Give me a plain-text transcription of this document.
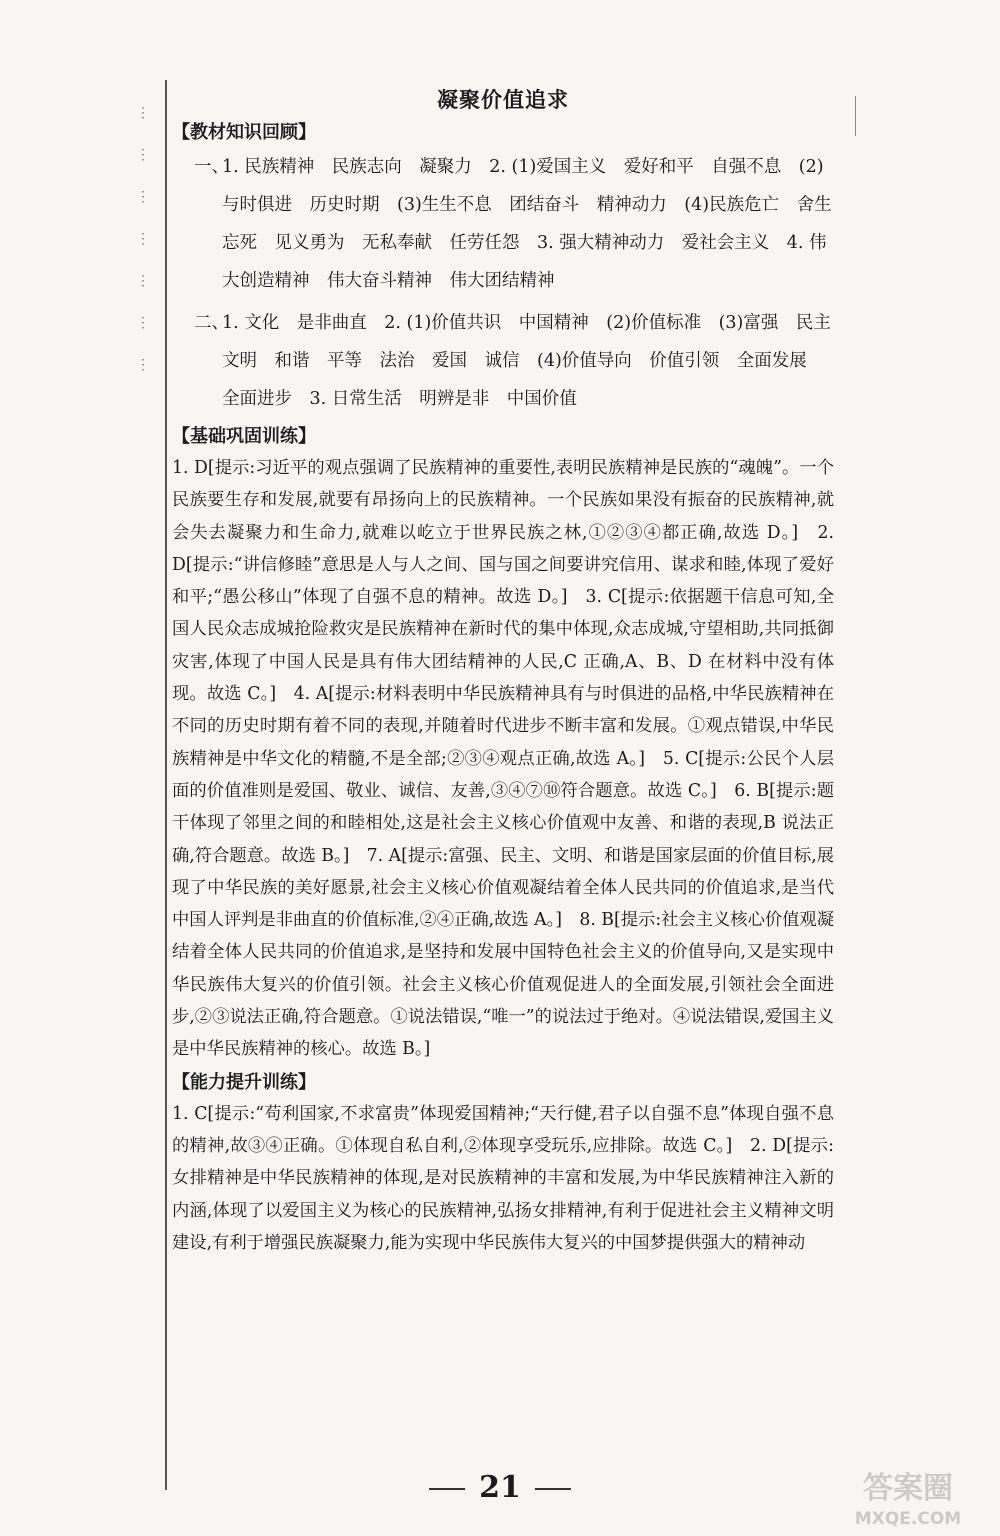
⋮
⋮
⋮
⋮
⋮
⋮
⋮
凝聚价值追求
【教材知识回顾】
一、
1. 民族精神　民族志向　凝聚力　2. (1)爱国主义　爱好和平　自强不息　(2)与时俱进　历史时期　(3)生生不息　团结奋斗　精神动力　(4)民族危亡　舍生忘死　见义勇为　无私奉献　任劳任怨　3. 强大精神动力　爱社会主义　4. 伟大创造精神　伟大奋斗精神　伟大团结精神
二、
1. 文化　是非曲直　2. (1)价值共识　中国精神　(2)价值标准　(3)富强　民主　文明　和谐　平等　法治　爱国　诚信　(4)价值导向　价值引领　全面发展　全面进步　3. 日常生活　明辨是非　中国价值
【基础巩固训练】

1. D[提示:习近平的观点强调了民族精神的重要性,表明民族精神是民族的“魂魄”。一个民族要生存和发展,就要有昂扬向上的民族精神。一个民族如果没有振奋的民族精神,就会失去凝聚力和生命力,就难以屹立于世界民族之林,①②③④都正确,故选 D。]　2. D[提示:“讲信修睦”意思是人与人之间、国与国之间要讲究信用、谋求和睦,体现了爱好和平;“愚公移山”体现了自强不息的精神。故选 D。]　3. C[提示:依据题干信息可知,全国人民众志成城抢险救灾是民族精神在新时代的集中体现,众志成城,守望相助,共同抵御灾害,体现了中国人民是具有伟大团结精神的人民,C 正确,A、B、D 在材料中没有体现。故选 C。]　4. A[提示:材料表明中华民族精神具有与时俱进的品格,中华民族精神在不同的历史时期有着不同的表现,并随着时代进步不断丰富和发展。①观点错误,中华民族精神是中华文化的精髓,不是全部;②③④观点正确,故选 A。]　5. C[提示:公民个人层面的价值准则是爱国、敬业、诚信、友善,③④⑦⑩符合题意。故选 C。]　6. B[提示:题干体现了邻里之间的和睦相处,这是社会主义核心价值观中友善、和谐的表现,B 说法正确,符合题意。故选 B。]　7. A[提示:富强、民主、文明、和谐是国家层面的价值目标,展现了中华民族的美好愿景,社会主义核心价值观凝结着全体人民共同的价值追求,是当代中国人评判是非曲直的价值标准,②④正确,故选 A。]　8. B[提示:社会主义核心价值观凝结着全体人民共同的价值追求,是坚持和发展中国特色社会主义的价值导向,又是实现中华民族伟大复兴的价值引领。社会主义核心价值观促进人的全面发展,引领社会全面进步,②③说法正确,符合题意。①说法错误,“唯一”的说法过于绝对。④说法错误,爱国主义是中华民族精神的核心。故选 B。]

【能力提升训练】

1. C[提示:“苟利国家,不求富贵”体现爱国精神;“天行健,君子以自强不息”体现自强不息的精神,故③④正确。①体现自私自利,②体现享受玩乐,应排除。故选 C。]　2. D[提示:女排精神是中华民族精神的体现,是对民族精神的丰富和发展,为中华民族精神注入新的内涵,体现了以爱国主义为核心的民族精神,弘扬女排精神,有利于促进社会主义精神文明建设,有利于增强民族凝聚力,能为实现中华民族伟大复兴的中国梦提供强大的精神动

21	答案圈
MXQE.COM
